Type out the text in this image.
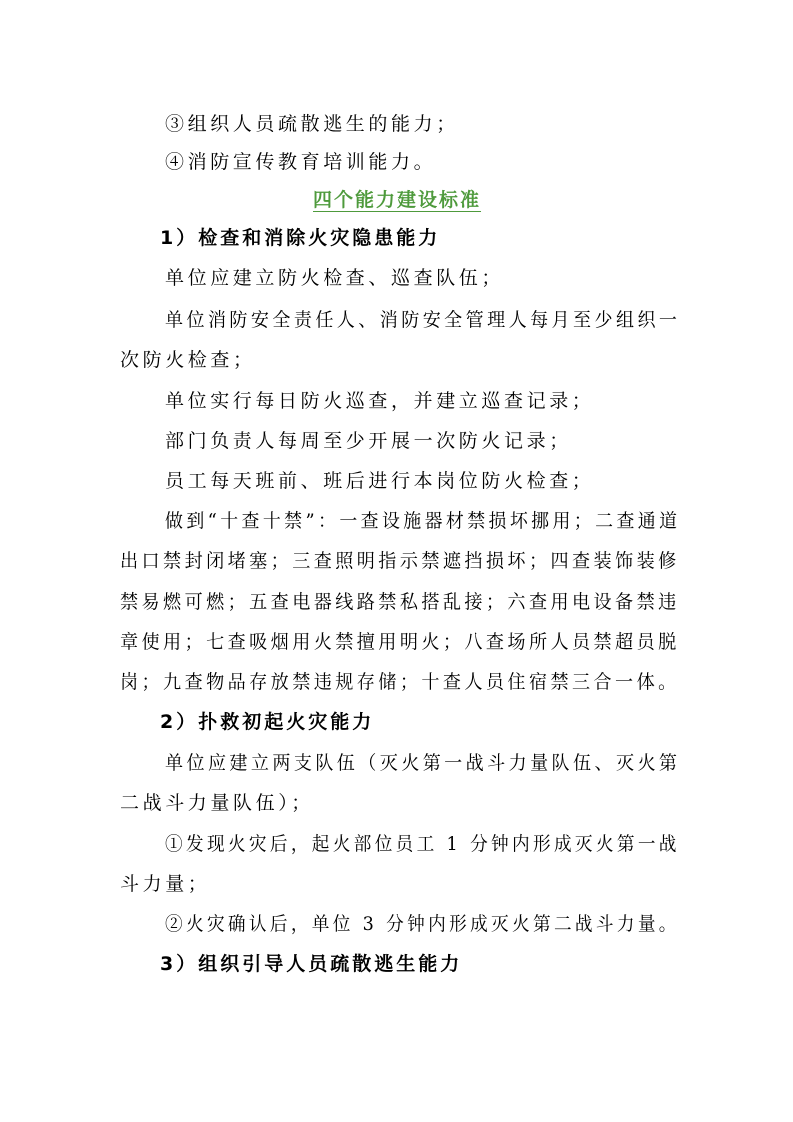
③组织人员疏散逃生的能力；
④消防宣传教育培训能力。
四个能力建设标准
1）检查和消除火灾隐患能力
单位应建立防火检查、巡查队伍；
单位消防安全责任人、消防安全管理人每月至少组织一
次防火检查；
单位实行每日防火巡查，并建立巡查记录；
部门负责人每周至少开展一次防火记录；
员工每天班前、班后进行本岗位防火检查；
做到“十查十禁”：一查设施器材禁损坏挪用；二查通道
出口禁封闭堵塞；三查照明指示禁遮挡损坏；四查装饰装修
禁易燃可燃；五查电器线路禁私搭乱接；六查用电设备禁违
章使用；七查吸烟用火禁擅用明火；八查场所人员禁超员脱
岗；九查物品存放禁违规存储；十查人员住宿禁三合一体。
2）扑救初起火灾能力
单位应建立两支队伍（灭火第一战斗力量队伍、灭火第
二战斗力量队伍）；
①发现火灾后，起火部位员工 1 分钟内形成灭火第一战
斗力量；
②火灾确认后，单位 3 分钟内形成灭火第二战斗力量。
3）组织引导人员疏散逃生能力
